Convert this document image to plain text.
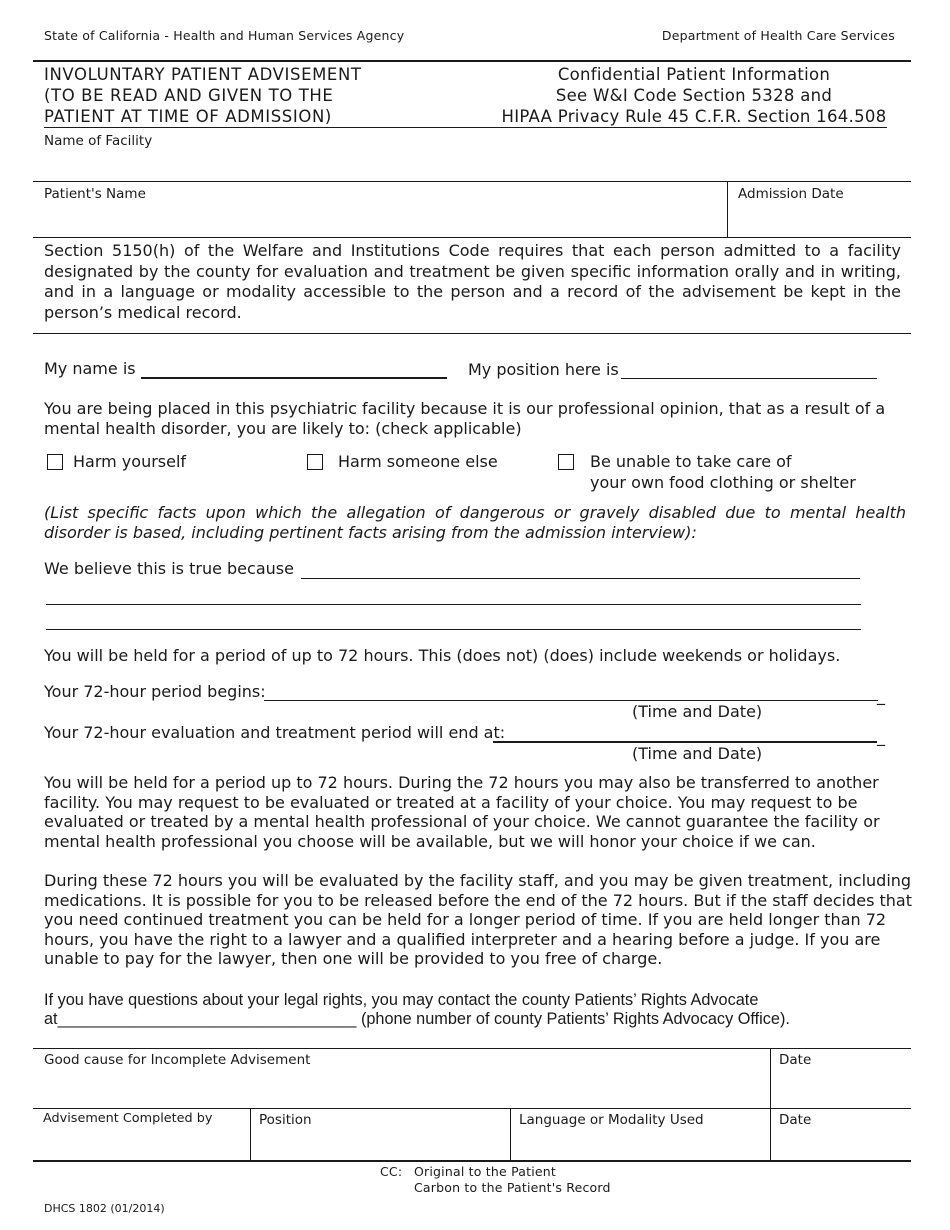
State of California - Health and Human Services Agency	Department of Health Care Services
INVOLUNTARY PATIENT ADVISEMENT
(TO BE READ AND GIVEN TO THE
PATIENT AT TIME OF ADMISSION)
Confidential Patient Information
See W&I Code Section 5328 and
HIPAA Privacy Rule 45 C.F.R. Section 164.508
Name of Facility
Patient's Name	Admission Date
Section 5150(h) of the Welfare and Institutions Code requires that each person admitted to a facility designated by the county for evaluation and treatment be given specific information orally and in writing, and in a language or modality accessible to the person and a record of the advisement be kept in the person’s medical record.
My name is	My position here is
You are being placed in this psychiatric facility because it is our professional opinion, that as a result of a mental health disorder, you are likely to: (check applicable)
Harm yourself	Harm someone else	Be unable to take care of
your own food clothing or shelter
(List specific facts upon which the allegation of dangerous or gravely disabled due to mental health disorder is based, including pertinent facts arising from the admission interview):
We believe this is true because
You will be held for a period of up to 72 hours. This (does not) (does) include weekends or holidays.
Your 72-hour period begins:	_
(Time and Date)
Your 72-hour evaluation and treatment period will end at:	_
(Time and Date)
You will be held for a period up to 72 hours. During the 72 hours you may also be transferred to another
facility. You may request to be evaluated or treated at a facility of your choice. You may request to be
evaluated or treated by a mental health professional of your choice. We cannot guarantee the facility or
mental health professional you choose will be available, but we will honor your choice if we can.
During these 72 hours you will be evaluated by the facility staff, and you may be given treatment, including
medications. It is possible for you to be released before the end of the 72 hours. But if the staff decides that
you need continued treatment you can be held for a longer period of time. If you are held longer than 72
hours, you have the right to a lawyer and a qualified interpreter and a hearing before a judge. If you are
unable to pay for the lawyer, then one will be provided to you free of charge.
If you have questions about your legal rights, you may contact the county Patients’ Rights Advocate
at_________________________________ (phone number of county Patients’ Rights Advocacy Office).
Good cause for Incomplete Advisement	Date
Advisement Completed by	Position	Language or Modality Used	Date
CC: Original to the Patient
Carbon to the Patient's Record
DHCS 1802 (01/2014)
